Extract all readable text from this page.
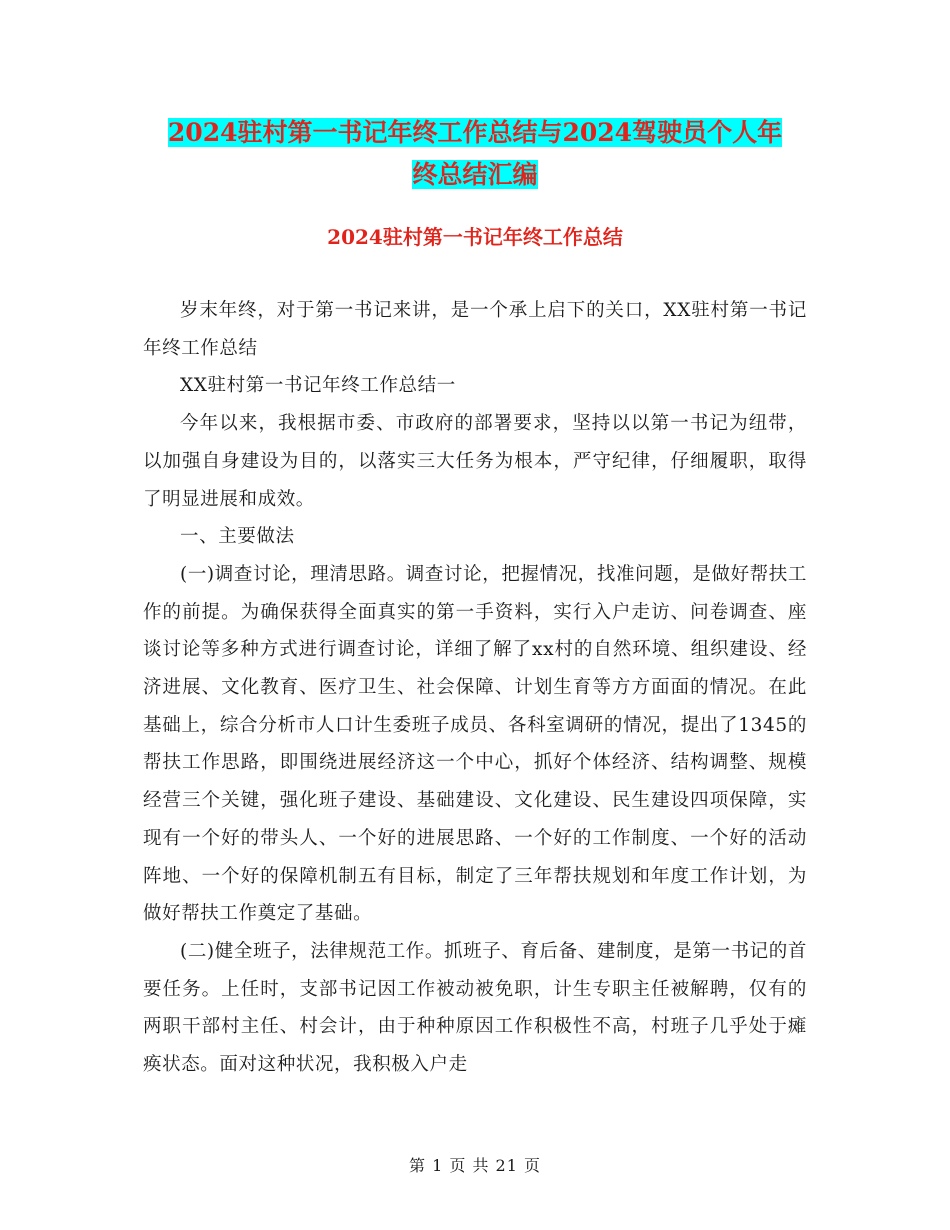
2024驻村第一书记年终工作总结与2024驾驶员个人年
终总结汇编
2024驻村第一书记年终工作总结

岁末年终，对于第一书记来讲，是一个承上启下的关口，XX驻村第一书记年终工作总结

XX驻村第一书记年终工作总结一

今年以来，我根据市委、市政府的部署要求，坚持以以第一书记为纽带，以加强自身建设为目的，以落实三大任务为根本，严守纪律，仔细履职，取得了明显进展和成效。

一、主要做法

(一)调查讨论，理清思路。调查讨论，把握情况，找准问题，是做好帮扶工作的前提。为确保获得全面真实的第一手资料，实行入户走访、问卷调查、座谈讨论等多种方式进行调查讨论，详细了解了xx村的自然环境、组织建设、经济进展、文化教育、医疗卫生、社会保障、计划生育等方方面面的情况。在此基础上，综合分析市人口计生委班子成员、各科室调研的情况，提出了1345的帮扶工作思路，即围绕进展经济这一个中心，抓好个体经济、结构调整、规模经营三个关键，强化班子建设、基础建设、文化建设、民生建设四项保障，实现有一个好的带头人、一个好的进展思路、一个好的工作制度、一个好的活动阵地、一个好的保障机制五有目标，制定了三年帮扶规划和年度工作计划，为做好帮扶工作奠定了基础。

(二)健全班子，法律规范工作。抓班子、育后备、建制度，是第一书记的首要任务。上任时，支部书记因工作被动被免职，计生专职主任被解聘，仅有的两职干部村主任、村会计，由于种种原因工作积极性不高，村班子几乎处于瘫痪状态。面对这种状况，我积极入户走

第 1 页 共 21 页
